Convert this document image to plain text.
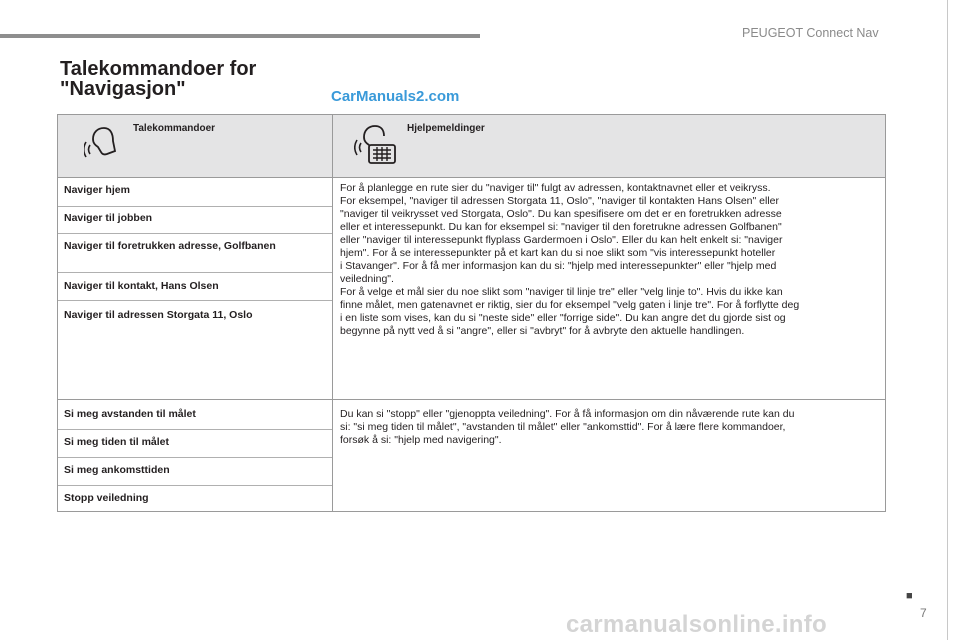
PEUGEOT Connect Nav
Talekommandoer for
"Navigasjon"	CarManuals2.com
Talekommandoer	Hjelpemeldinger
Naviger hjem
Naviger til jobben
Naviger til foretrukken adresse, Golfbanen
Naviger til kontakt, Hans Olsen
Naviger til adressen Storgata 11, Oslo
For å planlegge en rute sier du "naviger til" fulgt av adressen, kontaktnavnet eller et veikryss.
For eksempel, "naviger til adressen Storgata 11, Oslo", "naviger til kontakten Hans Olsen" eller
"naviger til veikrysset ved Storgata, Oslo". Du kan spesifisere om det er en foretrukken adresse
eller et interessepunkt. Du kan for eksempel si: "naviger til den foretrukne adressen Golfbanen"
eller "naviger til interessepunkt flyplass Gardermoen i Oslo". Eller du kan helt enkelt si: "naviger
hjem". For å se interessepunkter på et kart kan du si noe slikt som "vis interessepunkt hoteller
i Stavanger". For å få mer informasjon kan du si: "hjelp med interessepunkter" eller "hjelp med
veiledning".
For å velge et mål sier du noe slikt som "naviger til linje tre" eller "velg linje to". Hvis du ikke kan
finne målet, men gatenavnet er riktig, sier du for eksempel "velg gaten i linje tre". For å forflytte deg
i en liste som vises, kan du si "neste side" eller "forrige side". Du kan angre det du gjorde sist og
begynne på nytt ved å si "angre", eller si "avbryt" for å avbryte den aktuelle handlingen.
Si meg avstanden til målet
Si meg tiden til målet
Si meg ankomsttiden
Stopp veiledning
Du kan si "stopp" eller "gjenoppta veiledning". For å få informasjon om din nåværende rute kan du
si: "si meg tiden til målet", "avstanden til målet" eller "ankomsttid". For å lære flere kommandoer,
forsøk å si: "hjelp med navigering".
■
7
carmanualsonline.info
